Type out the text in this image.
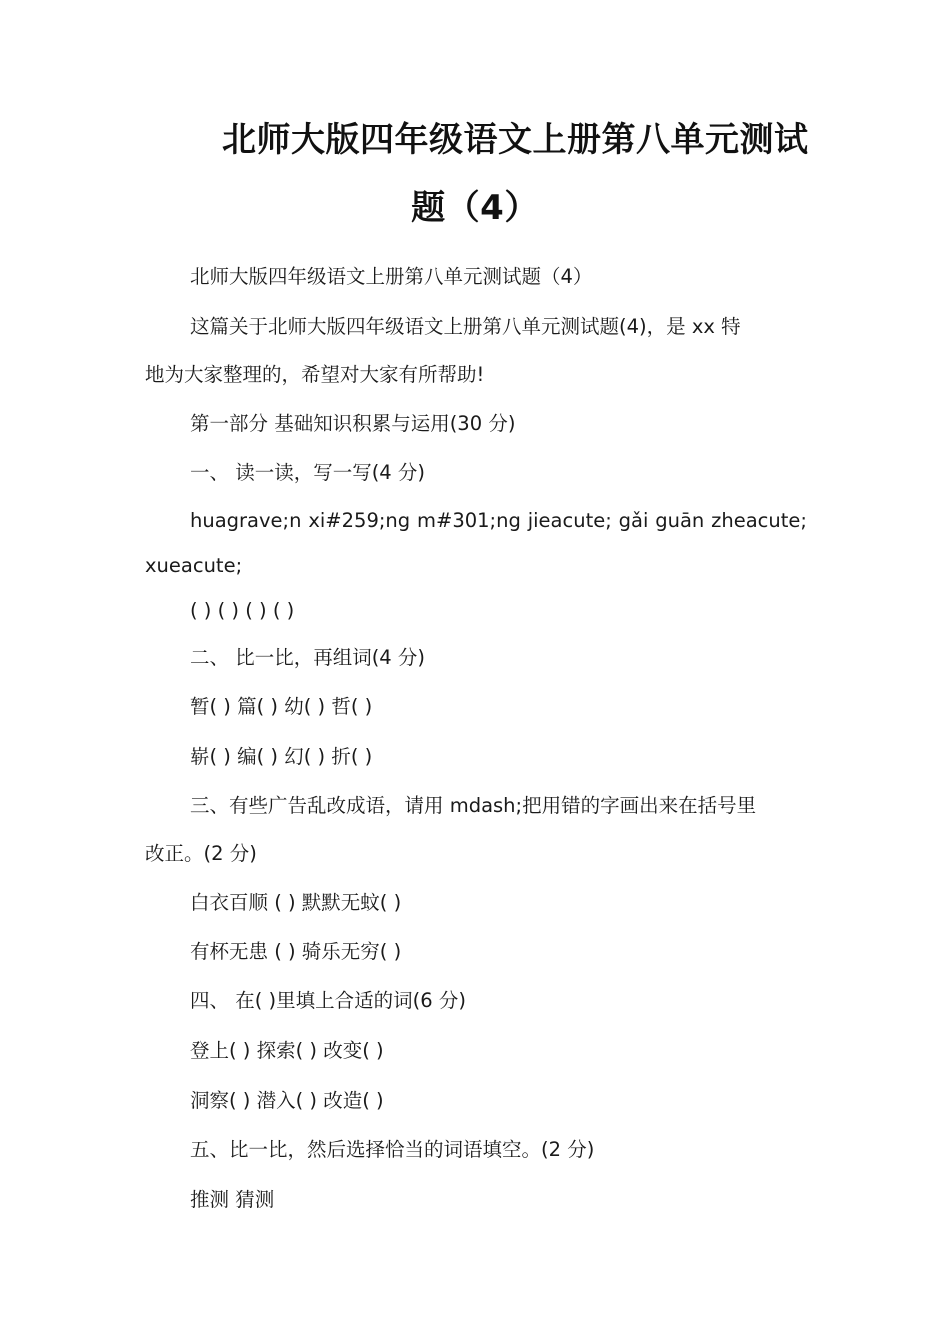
北师大版四年级语文上册第八单元测试
题（4）
北师大版四年级语文上册第八单元测试题（4）
这篇关于北师大版四年级语文上册第八单元测试题(4)，是 xx 特
地为大家整理的，希望对大家有所帮助!
第一部分 基础知识积累与运用(30 分)
一、 读一读，写一写(4 分)
huagrave;n xi#259;ng m#301;ng jieacute; gǎi guān zheacute;
xueacute;
( ) ( ) ( ) ( )
二、 比一比，再组词(4 分)
暂( ) 篇( ) 幼( ) 哲( )
崭( ) 编( ) 幻( ) 折( )
三、有些广告乱改成语，请用 mdash;把用错的字画出来在括号里
改正。(2 分)
白衣百顺 ( ) 默默无蚊( )
有杯无患 ( ) 骑乐无穷( )
四、 在( )里填上合适的词(6 分)
登上( ) 探索( ) 改变( )
洞察( ) 潜入( ) 改造( )
五、比一比，然后选择恰当的词语填空。(2 分)
推测 猜测
